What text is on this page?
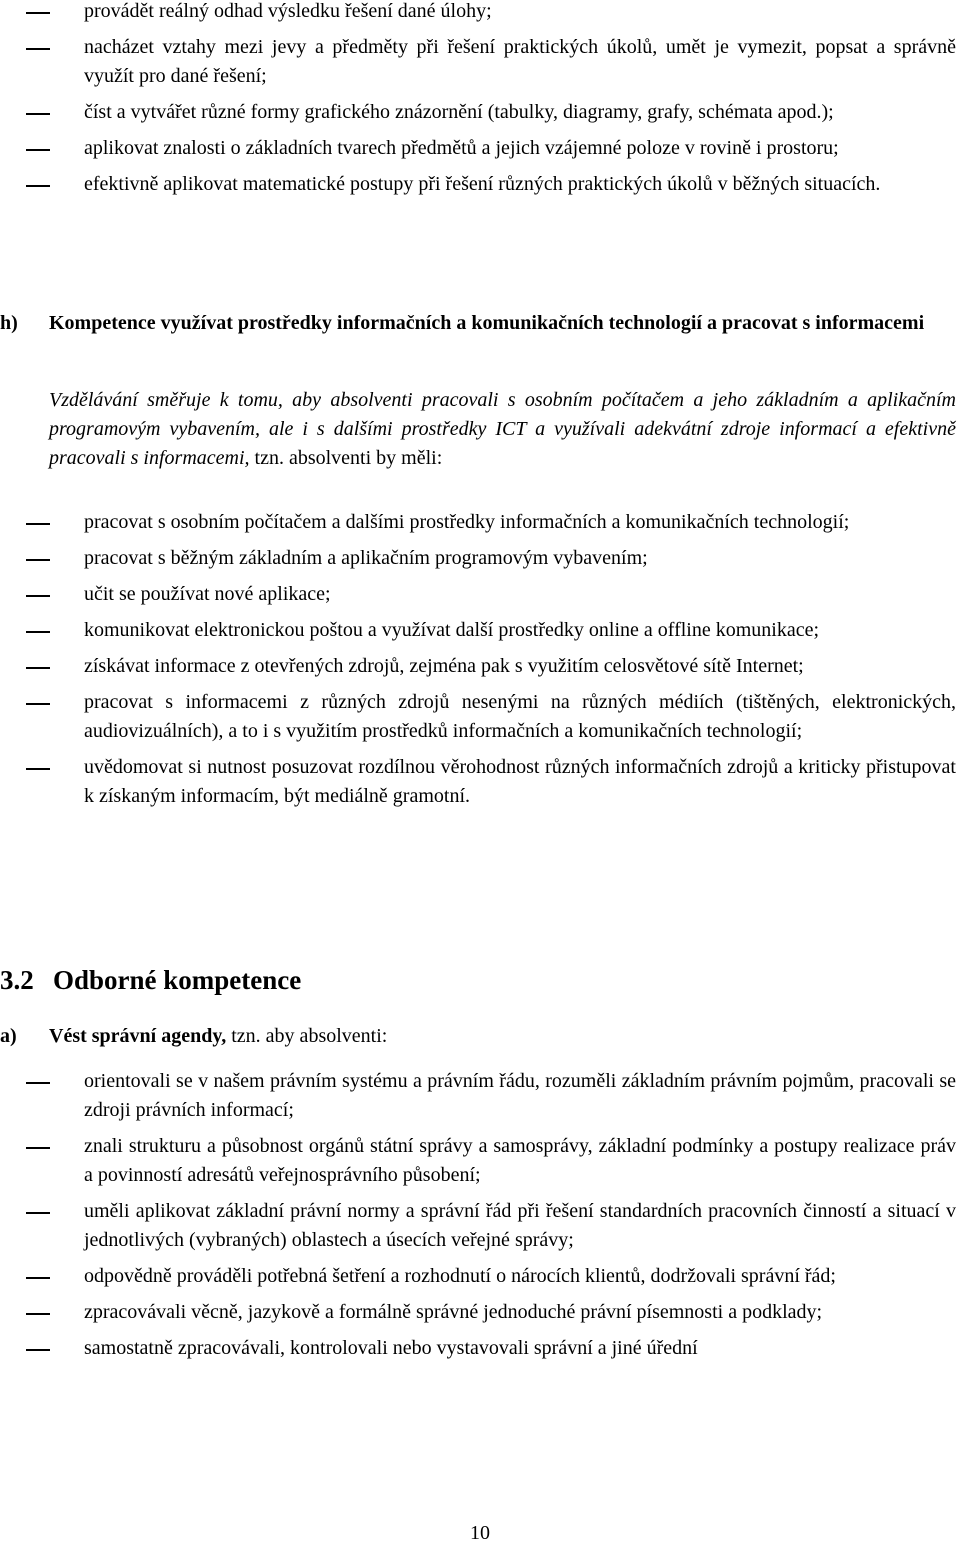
provádět reálný odhad výsledku řešení dané úlohy;
nacházet vztahy mezi jevy a předměty při řešení praktických úkolů, umět je vymezit, popsat a správně využít pro dané řešení;
číst a vytvářet různé formy grafického znázornění (tabulky, diagramy, grafy, schémata apod.);
aplikovat znalosti o základních tvarech předmětů a jejich vzájemné poloze v rovině i prostoru;
efektivně aplikovat matematické postupy při řešení různých praktických úkolů v běžných situacích.
h) Kompetence využívat prostředky informačních a komunikačních technologií a pracovat s informacemi
Vzdělávání směřuje k tomu, aby absolventi pracovali s osobním počítačem a jeho základním a aplikačním programovým vybavením, ale i s dalšími prostředky ICT a využívali adekvátní zdroje informací a efektivně pracovali s informacemi, tzn. absolventi by měli:
pracovat s osobním počítačem a dalšími prostředky informačních a komunikačních technologií;
pracovat s běžným základním a aplikačním programovým vybavením;
učit se používat nové aplikace;
komunikovat elektronickou poštou a využívat další prostředky online a offline komunikace;
získávat informace z otevřených zdrojů, zejména pak s využitím celosvětové sítě Internet;
pracovat s informacemi z různých zdrojů nesenými na různých médiích (tištěných, elektronických, audiovizuálních), a to i s využitím prostředků informačních a komunikačních technologií;
uvědomovat si nutnost posuzovat rozdílnou věrohodnost různých informačních zdrojů a kriticky přistupovat k získaným informacím, být mediálně gramotní.
3.2 Odborné kompetence
a) Vést správní agendy, tzn. aby absolventi:
orientovali se v našem právním systému a právním řádu, rozuměli základním právním pojmům, pracovali se zdroji právních informací;
znali strukturu a působnost orgánů státní správy a samosprávy, základní podmínky a postupy realizace práv a povinností adresátů veřejnosprávního působení;
uměli aplikovat základní právní normy a správní řád při řešení standardních pracovních činností a situací v jednotlivých (vybraných) oblastech a úsecích veřejné správy;
odpovědně prováděli potřebná šetření a rozhodnutí o nárocích klientů, dodržovali správní řád;
zpracovávali věcně, jazykově a formálně správné jednoduché právní písemnosti a podklady;
samostatně zpracovávali, kontrolovali nebo vystavovali správní a jiné úřední
10
